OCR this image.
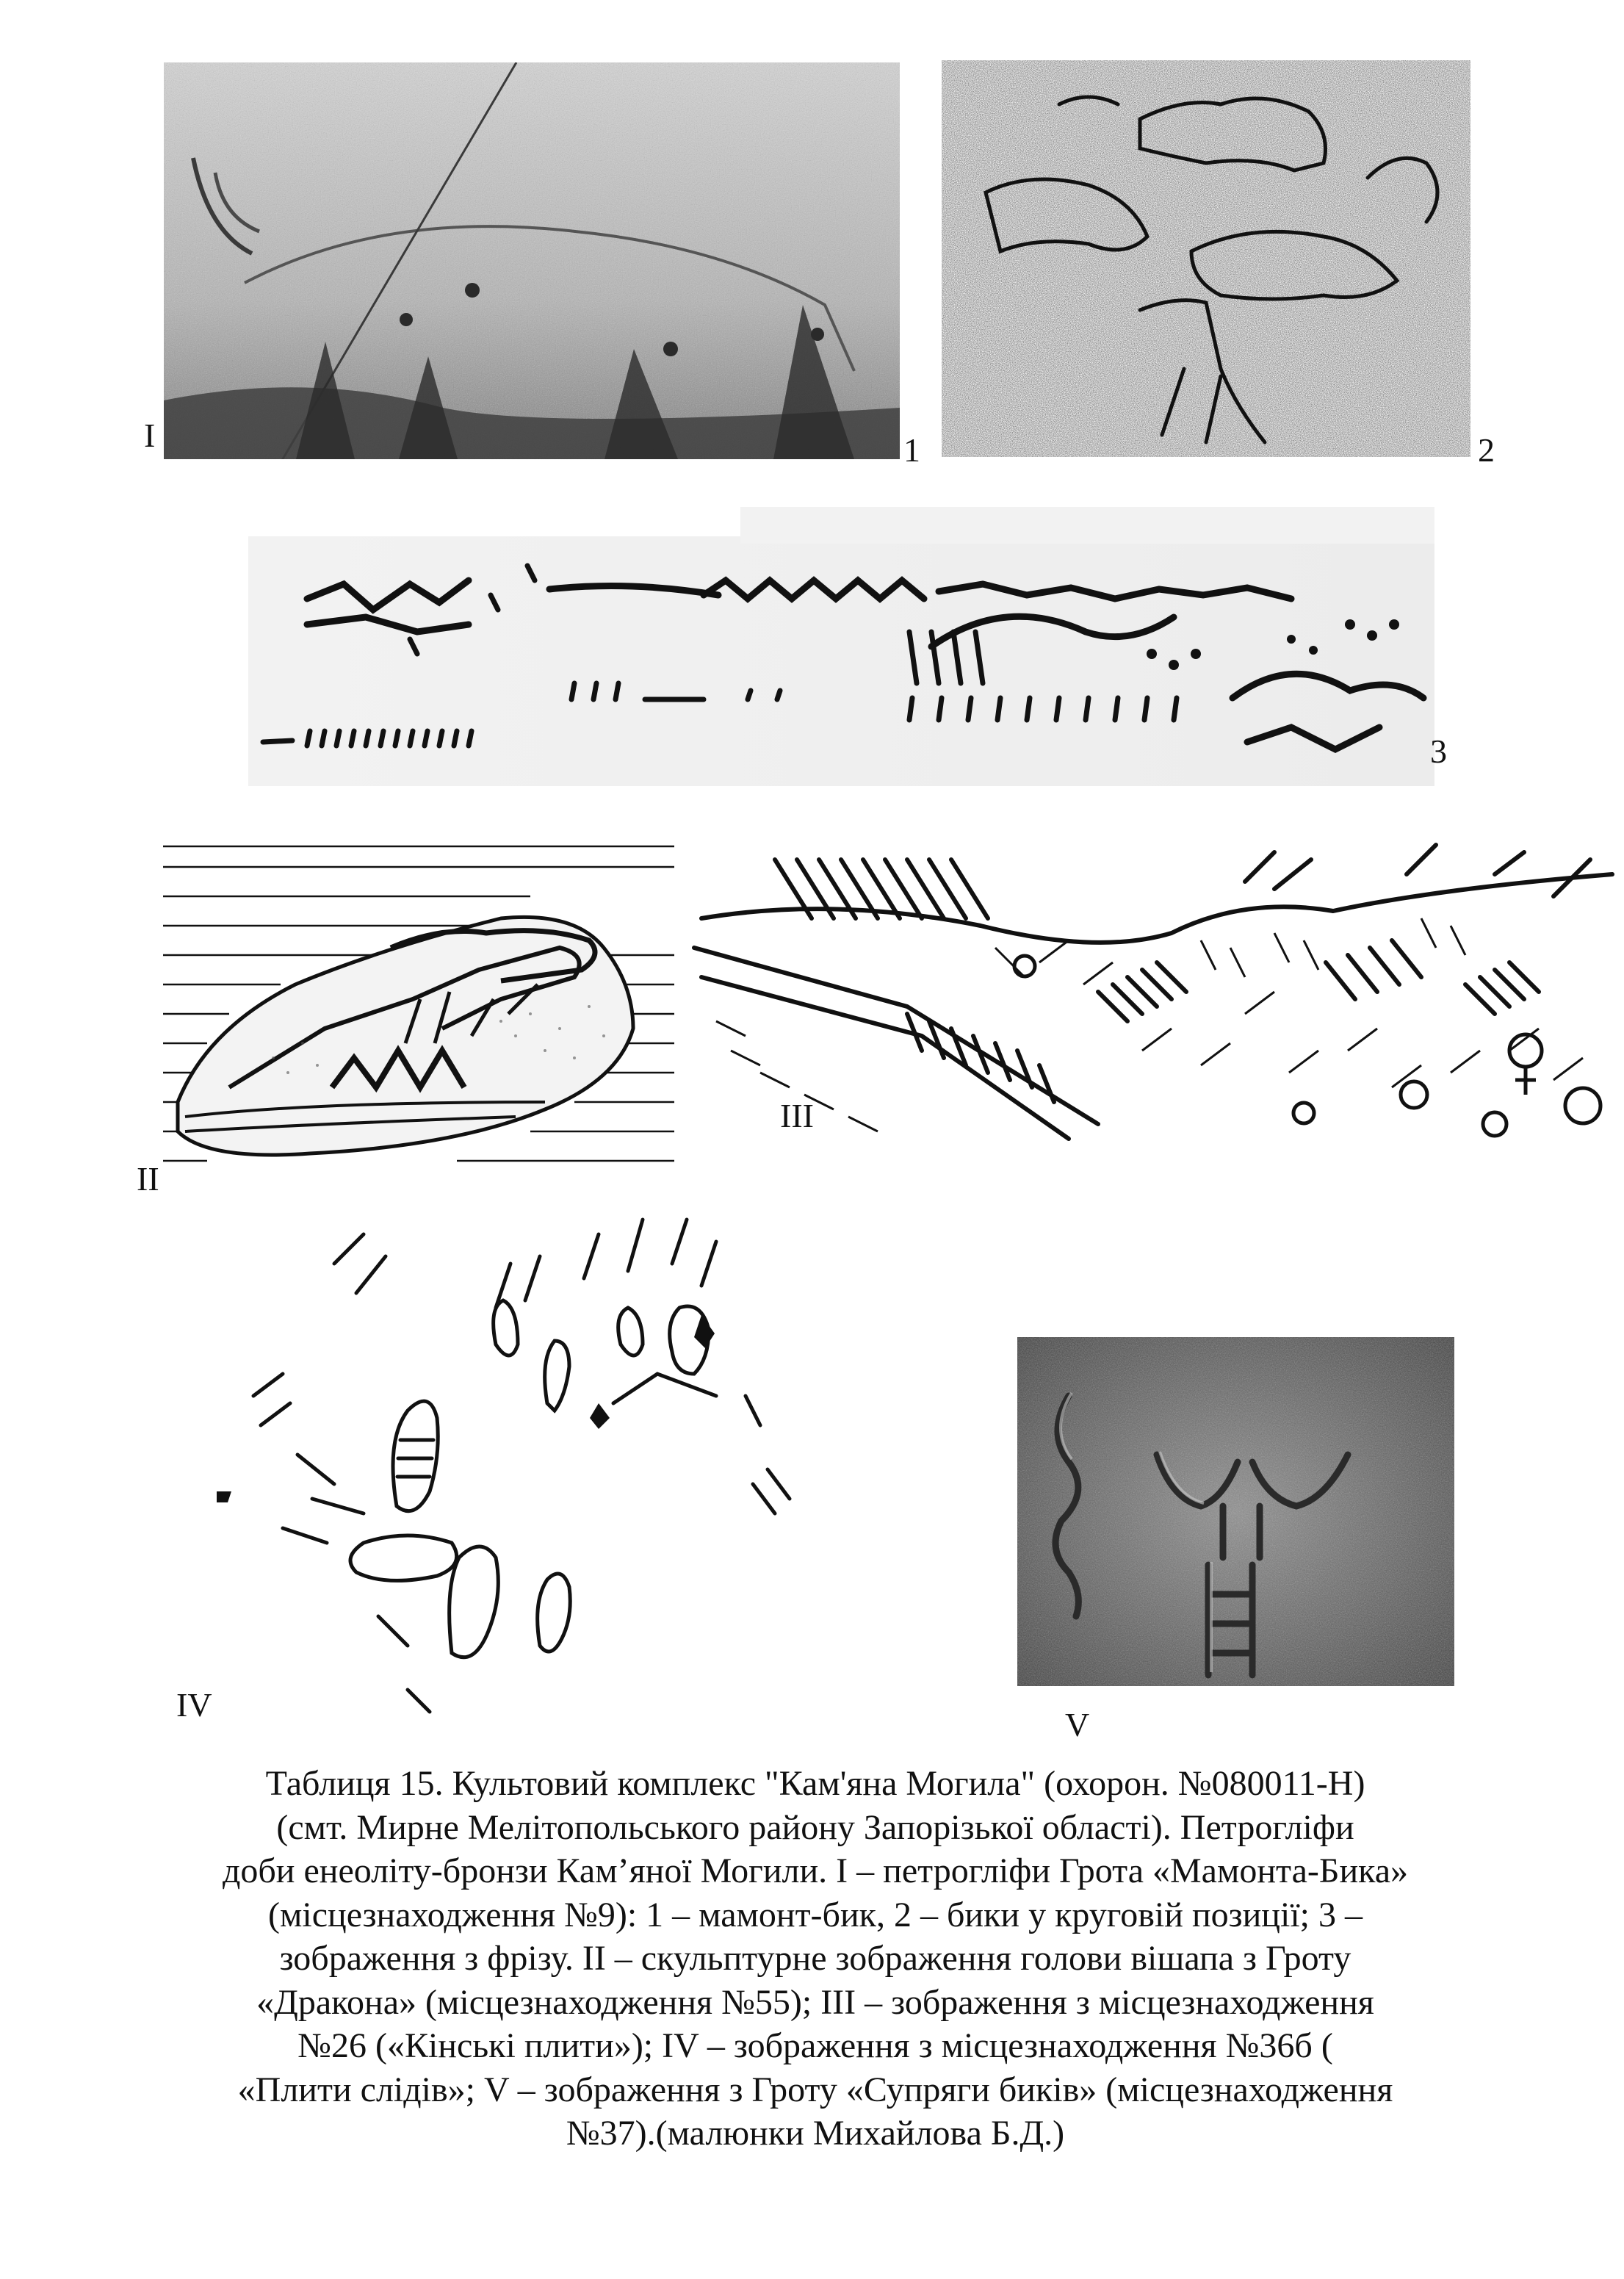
I	1	2
3
II
III
IV
V
Таблиця 15. Культовий комплекс "Кам'яна Могила" (охорон. №080011-Н)
(смт. Мирне Мелітопольського району Запорізької області). Петрогліфи
доби енеоліту-бронзи Кам’яної Могили. І – петрогліфи Грота «Мамонта-Бика»
(місцезнаходження №9): 1 – мамонт-бик, 2 – бики у круговій позиції; 3 –
зображення з фрізу. ІІ – скульптурне зображення голови вішапа з Гроту
«Дракона» (місцезнаходження №55); ІІІ – зображення з місцезнаходження
№26 («Кінські плити»); IV – зображення з місцезнаходження №36б (
«Плити слідів»; V – зображення з Гроту «Супряги биків» (місцезнаходження
№37).(малюнки Михайлова Б.Д.)
